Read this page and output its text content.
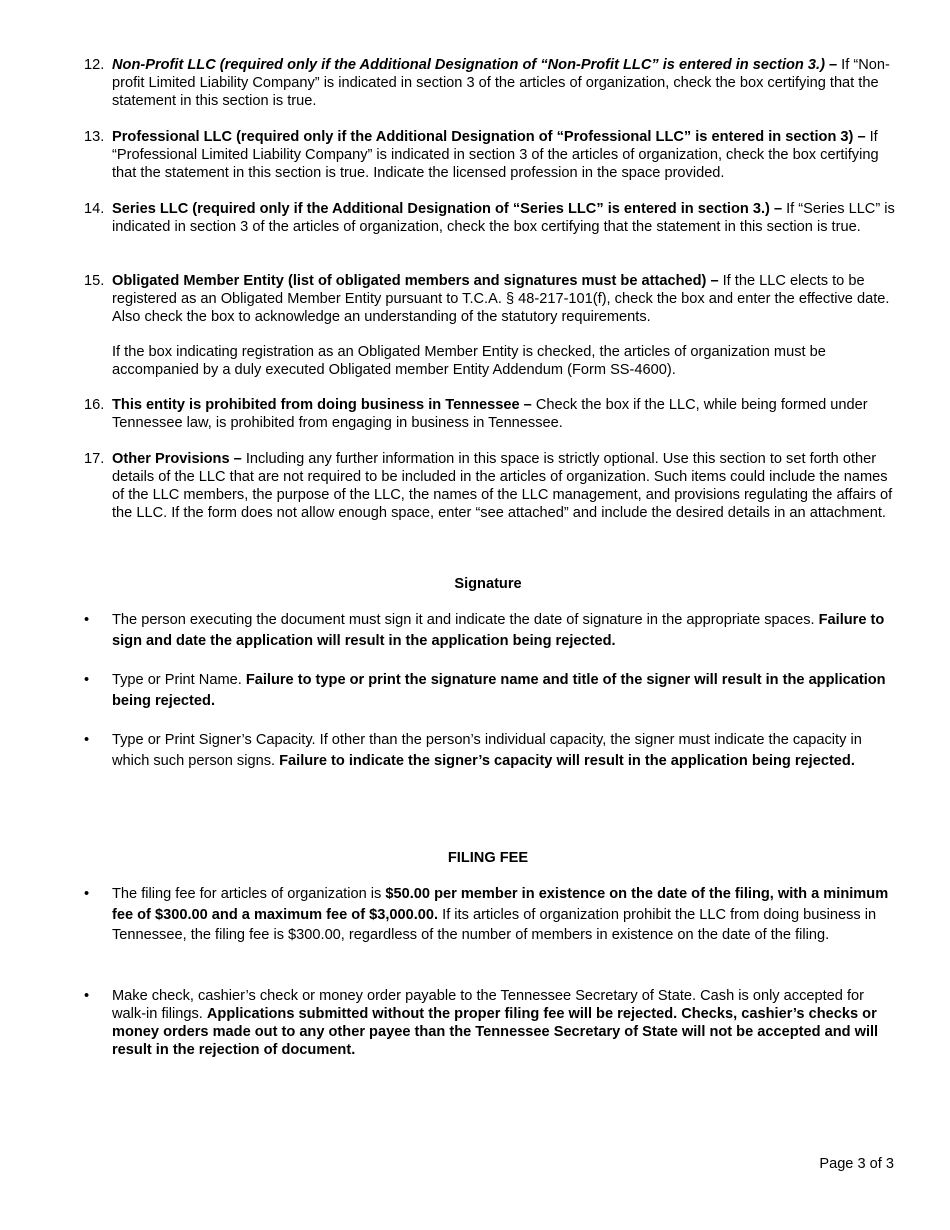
12. Non-Profit LLC (required only if the Additional Designation of “Non-Profit LLC” is entered in section 3.) – If “Non-profit Limited Liability Company” is indicated in section 3 of the articles of organization, check the box certifying that the statement in this section is true.
13. Professional LLC (required only if the Additional Designation of “Professional LLC” is entered in section 3) – If “Professional Limited Liability Company” is indicated in section 3 of the articles of organization, check the box certifying that the statement in this section is true. Indicate the licensed profession in the space provided.
14. Series LLC (required only if the Additional Designation of “Series LLC” is entered in section 3.) – If “Series LLC” is indicated in section 3 of the articles of organization, check the box certifying that the statement in this section is true.
15. Obligated Member Entity (list of obligated members and signatures must be attached) – If the LLC elects to be registered as an Obligated Member Entity pursuant to T.C.A. § 48-217-101(f), check the box and enter the effective date. Also check the box to acknowledge an understanding of the statutory requirements.
If the box indicating registration as an Obligated Member Entity is checked, the articles of organization must be accompanied by a duly executed Obligated member Entity Addendum (Form SS-4600).
16. This entity is prohibited from doing business in Tennessee – Check the box if the LLC, while being formed under Tennessee law, is prohibited from engaging in business in Tennessee.
17. Other Provisions – Including any further information in this space is strictly optional. Use this section to set forth other details of the LLC that are not required to be included in the articles of organization. Such items could include the names of the LLC members, the purpose of the LLC, the names of the LLC management, and provisions regulating the affairs of the LLC. If the form does not allow enough space, enter “see attached” and include the desired details in an attachment.
Signature
•	The person executing the document must sign it and indicate the date of signature in the appropriate spaces. Failure to sign and date the application will result in the application being rejected.
•	Type or Print Name. Failure to type or print the signature name and title of the signer will result in the application being rejected.
•	Type or Print Signer’s Capacity. If other than the person’s individual capacity, the signer must indicate the capacity in which such person signs. Failure to indicate the signer’s capacity will result in the application being rejected.
FILING FEE
•	The filing fee for articles of organization is $50.00 per member in existence on the date of the filing, with a minimum fee of $300.00 and a maximum fee of $3,000.00. If its articles of organization prohibit the LLC from doing business in Tennessee, the filing fee is $300.00, regardless of the number of members in existence on the date of the filing.
•	Make check, cashier’s check or money order payable to the Tennessee Secretary of State. Cash is only accepted for walk-in filings. Applications submitted without the proper filing fee will be rejected. Checks, cashier’s checks or money orders made out to any other payee than the Tennessee Secretary of State will not be accepted and will result in the rejection of document.
Page 3 of 3
